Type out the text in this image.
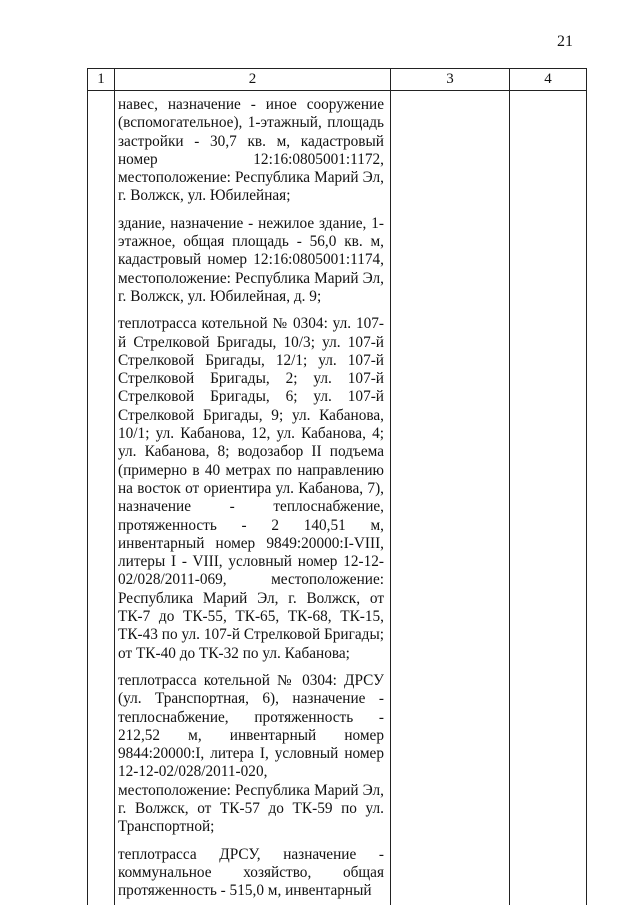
21
1	2	3	4

навес, назначение - иное сооружение (вспомогательное), 1-этажный, площадь застройки - 30,7 кв. м, кадастровый номер 12:16:0805001:1172, местоположение: Республика Марий Эл, г. Волжск, ул. Юбилейная;

здание, назначение - нежилое здание, 1-этажное, общая площадь - 56,0 кв. м, кадастровый номер 12:16:0805001:1174, местоположение: Республика Марий Эл, г. Волжск, ул. Юбилейная, д. 9;

теплотрасса котельной № 0304: ул. 107-й Стрелковой Бригады, 10/3; ул. 107-й Стрелковой Бригады, 12/1; ул. 107-й Стрелковой Бригады, 2; ул. 107-й Стрелковой Бригады, 6; ул. 107-й Стрелковой Бригады, 9; ул. Кабанова, 10/1; ул. Кабанова, 12, ул. Кабанова, 4; ул. Кабанова, 8; водозабор II подъема (примерно в 40 метрах по направлению на восток от ориентира ул. Кабанова, 7), назначение - теплоснабжение, протяженность - 2 140,51 м, инвентарный номер 9849:20000:I-VIII, литеры I - VIII, условный номер 12-12-02/028/2011-069, местоположение: Республика Марий Эл, г. Волжск, от ТК-7 до ТК-55, ТК-65, ТК-68, ТК-15, ТК-43 по ул. 107-й Стрелковой Бригады; от ТК-40 до ТК-32 по ул. Кабанова;

теплотрасса котельной № 0304: ДРСУ (ул. Транспортная, 6), назначение - теплоснабжение, протяженность - 212,52 м, инвентарный номер 9844:20000:I, литера I, условный номер 12-12-02/028/2011-020, местоположение: Республика Марий Эл, г. Волжск, от ТК-57 до ТК-59 по ул. Транспортной;

теплотрасса ДРСУ, назначение - коммунальное хозяйство, общая протяженность - 515,0 м, инвентарный
